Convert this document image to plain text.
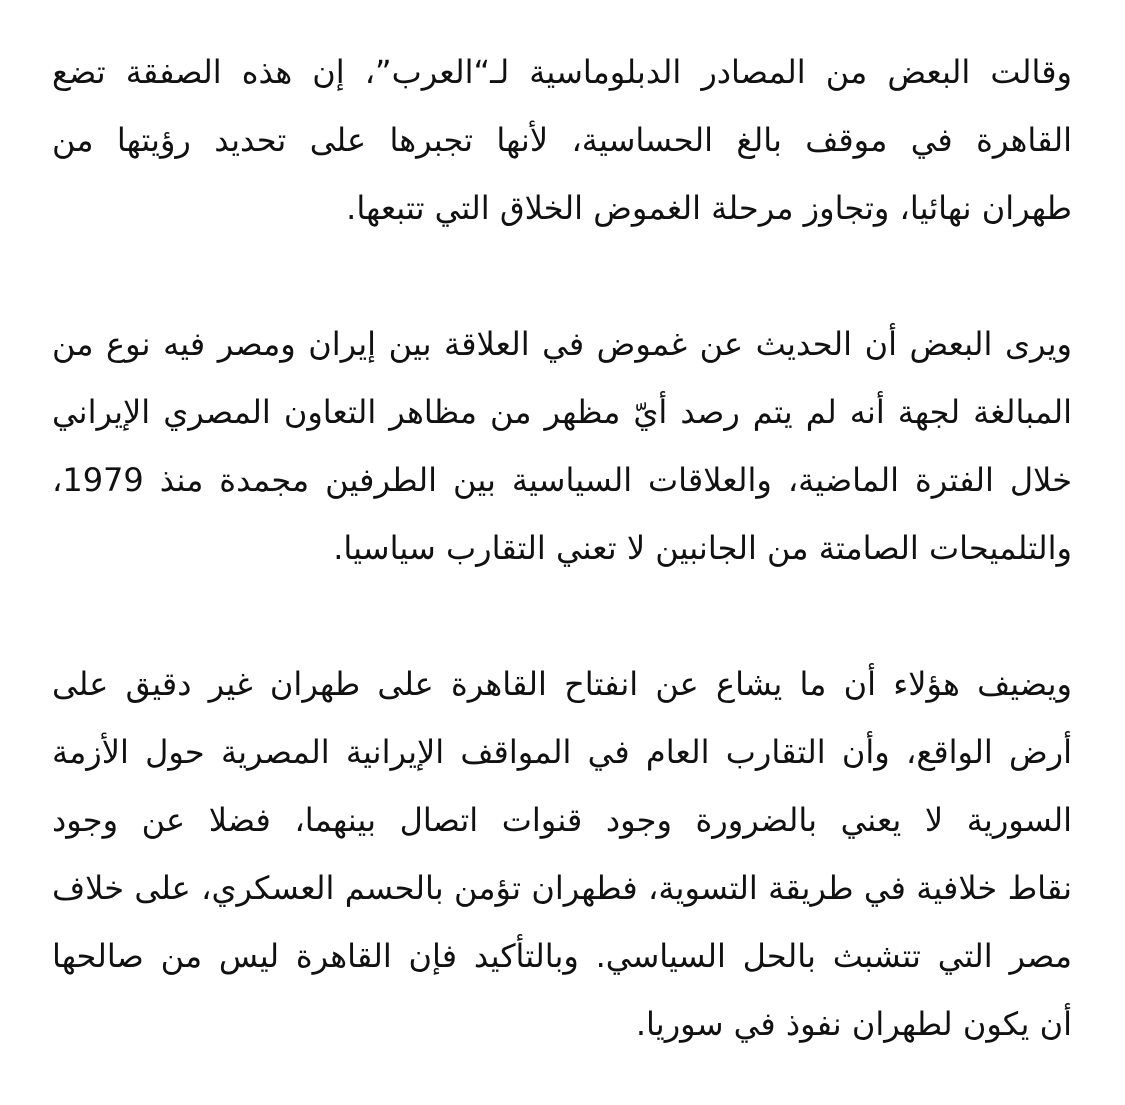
وقالت البعض من المصادر الدبلوماسية لـ“العرب”، إن هذه الصفقة تضع
القاهرة في موقف بالغ الحساسية، لأنها تجبرها على تحديد رؤيتها من
طهران نهائيا، وتجاوز مرحلة الغموض الخلاق التي تتبعها.

ويرى البعض أن الحديث عن غموض في العلاقة بين إيران ومصر فيه نوع من
المبالغة لجهة أنه لم يتم رصد أيّ مظهر من مظاهر التعاون المصري الإيراني
خلال الفترة الماضية، والعلاقات السياسية بين الطرفين مجمدة منذ 1979،
والتلميحات الصامتة من الجانبين لا تعني التقارب سياسيا.

ويضيف هؤلاء أن ما يشاع عن انفتاح القاهرة على طهران غير دقيق على
أرض الواقع، وأن التقارب العام في المواقف الإيرانية المصرية حول الأزمة
السورية لا يعني بالضرورة وجود قنوات اتصال بينهما، فضلا عن وجود
نقاط خلافية في طريقة التسوية، فطهران تؤمن بالحسم العسكري، على خلاف
مصر التي تتشبث بالحل السياسي. وبالتأكيد فإن القاهرة ليس من صالحها
أن يكون لطهران نفوذ في سوريا.
